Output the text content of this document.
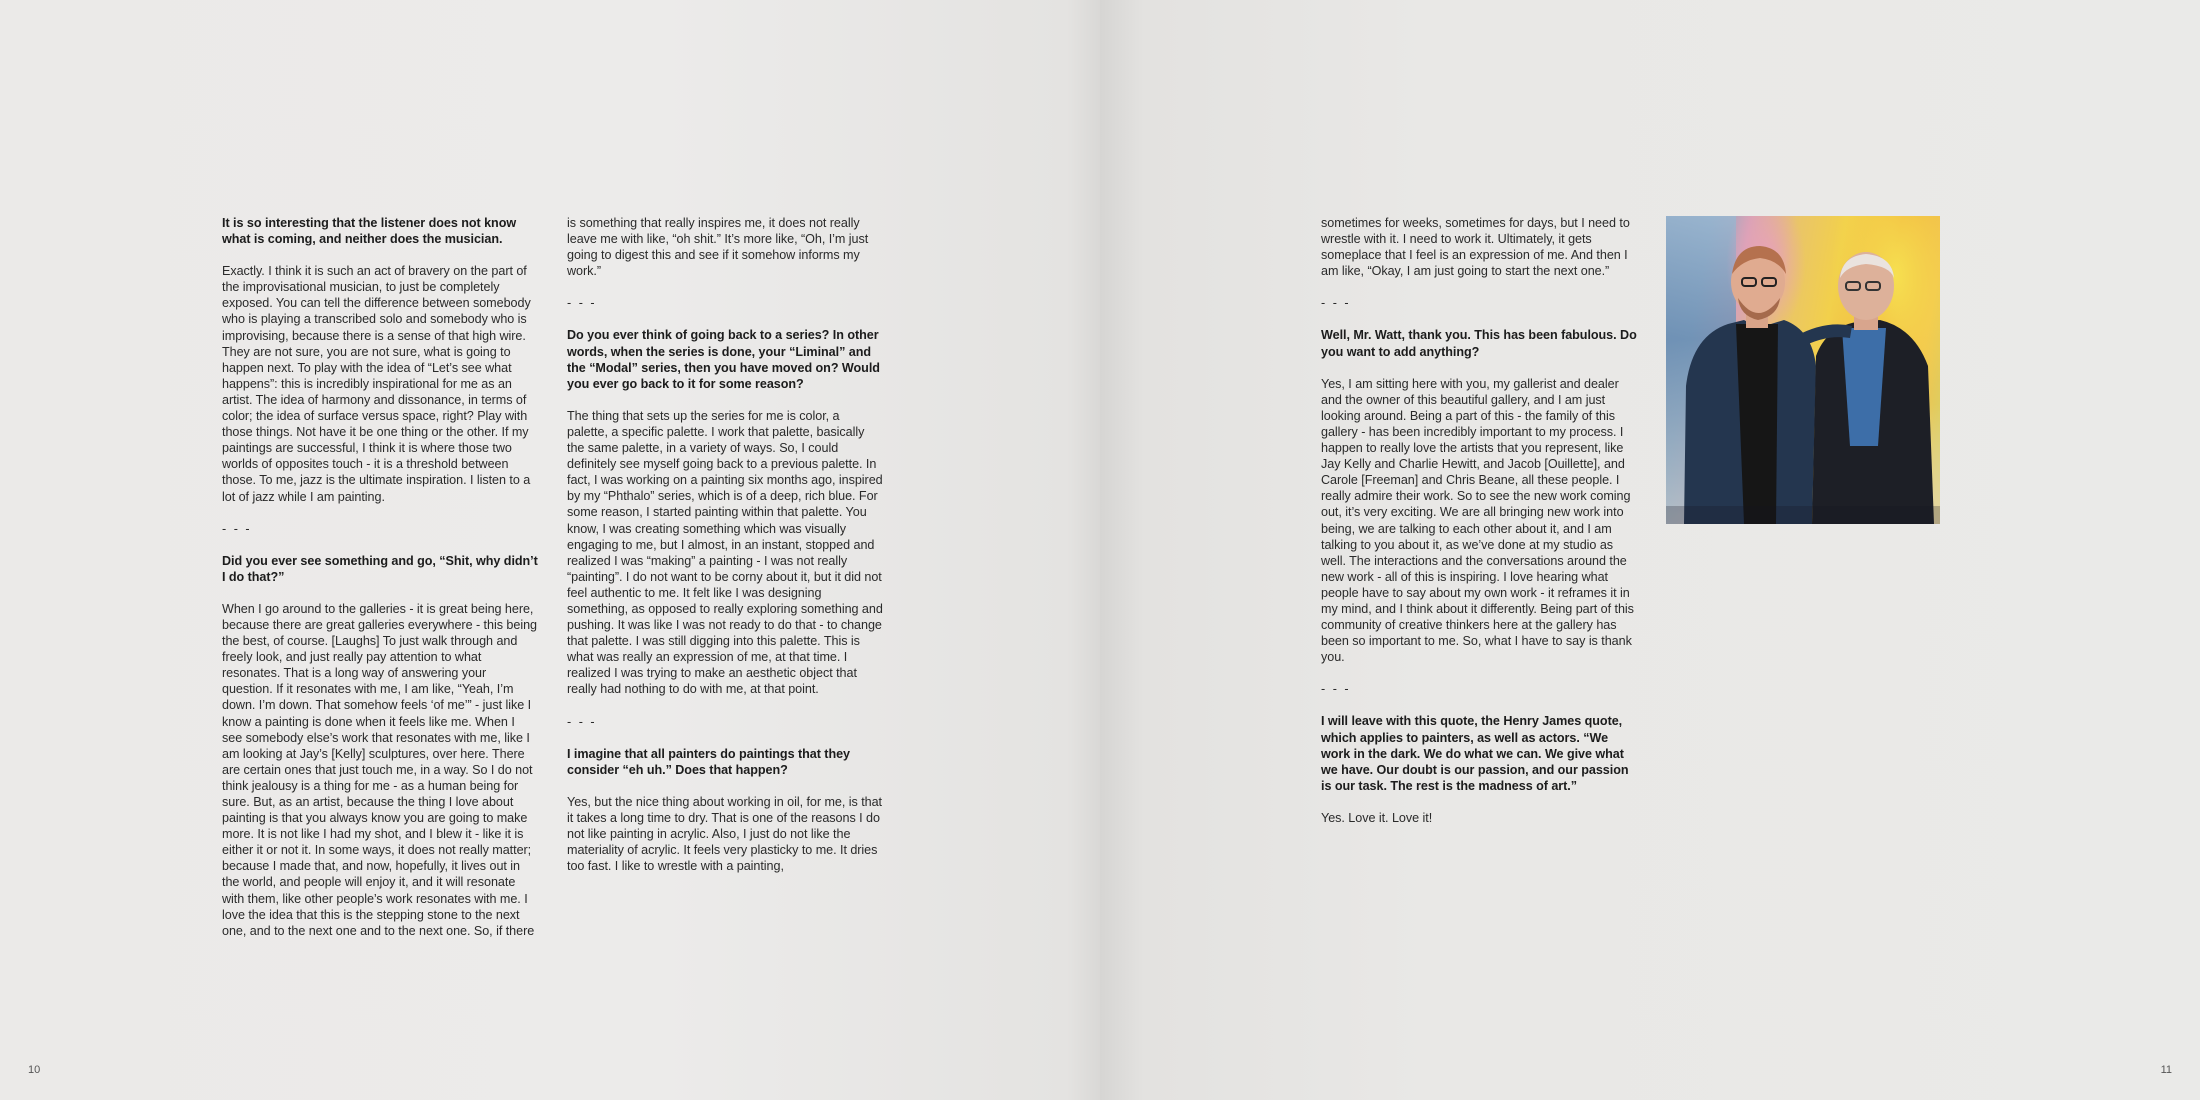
It is so interesting that the listener does not know what is coming, and neither does the musician.

Exactly. I think it is such an act of bravery on the part of the improvisational musician, to just be completely exposed. You can tell the difference between somebody who is playing a transcribed solo and somebody who is improvising, because there is a sense of that high wire. They are not sure, you are not sure, what is going to happen next. To play with the idea of “Let’s see what happens”: this is incredibly inspirational for me as an artist. The idea of harmony and dissonance, in terms of color; the idea of surface versus space, right? Play with those things. Not have it be one thing or the other. If my paintings are successful, I think it is where those two worlds of opposites touch - it is a threshold between those. To me, jazz is the ultimate inspiration. I listen to a lot of jazz while I am painting.

- - -

Did you ever see something and go, “Shit, why didn’t I do that?”

When I go around to the galleries - it is great being here, because there are great galleries everywhere - this being the best, of course. [Laughs] To just walk through and freely look, and just really pay attention to what resonates. That is a long way of answering your question. If it resonates with me, I am like, “Yeah, I’m down. I’m down. That somehow feels ‘of me’” - just like I know a painting is done when it feels like me. When I see somebody else’s work that resonates with me, like I am looking at Jay’s [Kelly] sculptures, over here. There are certain ones that just touch me, in a way. So I do not think jealousy is a thing for me - as a human being for sure. But, as an artist, because the thing I love about painting is that you always know you are going to make more. It is not like I had my shot, and I blew it - like it is either it or not it. In some ways, it does not really matter; because I made that, and now, hopefully, it lives out in the world, and people will enjoy it, and it will resonate with them, like other people’s work resonates with me. I love the idea that this is the stepping stone to the next one, and to the next one and to the next one. So, if there

is something that really inspires me, it does not really leave me with like, “oh shit.” It’s more like, “Oh, I’m just going to digest this and see if it somehow informs my work.”

- - -

Do you ever think of going back to a series? In other words, when the series is done, your “Liminal” and the “Modal” series, then you have moved on? Would you ever go back to it for some reason?

The thing that sets up the series for me is color, a palette, a specific palette. I work that palette, basically the same palette, in a variety of ways. So, I could definitely see myself going back to a previous palette. In fact, I was working on a painting six months ago, inspired by my “Phthalo” series, which is of a deep, rich blue. For some reason, I started painting within that palette. You know, I was creating something which was visually engaging to me, but I almost, in an instant, stopped and realized I was “making” a painting - I was not really “painting”. I do not want to be corny about it, but it did not feel authentic to me. It felt like I was designing something, as opposed to really exploring something and pushing. It was like I was not ready to do that - to change that palette. I was still digging into this palette. This is what was really an expression of me, at that time. I realized I was trying to make an aesthetic object that really had nothing to do with me, at that point.

- - -

I imagine that all painters do paintings that they consider “eh uh.” Does that happen?

Yes, but the nice thing about working in oil, for me, is that it takes a long time to dry. That is one of the reasons I do not like painting in acrylic. Also, I just do not like the materiality of acrylic. It feels very plasticky to me. It dries too fast. I like to wrestle with a painting,

10

sometimes for weeks, sometimes for days, but I need to wrestle with it. I need to work it. Ultimately, it gets someplace that I feel is an expression of me. And then I am like, “Okay, I am just going to start the next one.”

- - -

Well, Mr. Watt, thank you. This has been fabulous. Do you want to add anything?

Yes, I am sitting here with you, my gallerist and dealer and the owner of this beautiful gallery, and I am just looking around. Being a part of this - the family of this gallery - has been incredibly important to my process. I happen to really love the artists that you represent, like Jay Kelly and Charlie Hewitt, and Jacob [Ouillette], and Carole [Freeman] and Chris Beane, all these people. I really admire their work. So to see the new work coming out, it’s very exciting. We are all bringing new work into being, we are talking to each other about it, and I am talking to you about it, as we’ve done at my studio as well. The interactions and the conversations around the new work - all of this is inspiring. I love hearing what people have to say about my own work - it reframes it in my mind, and I think about it differently. Being part of this community of creative thinkers here at the gallery has been so important to me. So, what I have to say is thank you.

- - -

I will leave with this quote, the Henry James quote, which applies to painters, as well as actors. “We work in the dark. We do what we can. We give what we have. Our doubt is our passion, and our passion is our task. The rest is the madness of art.”

Yes. Love it. Love it!

11
